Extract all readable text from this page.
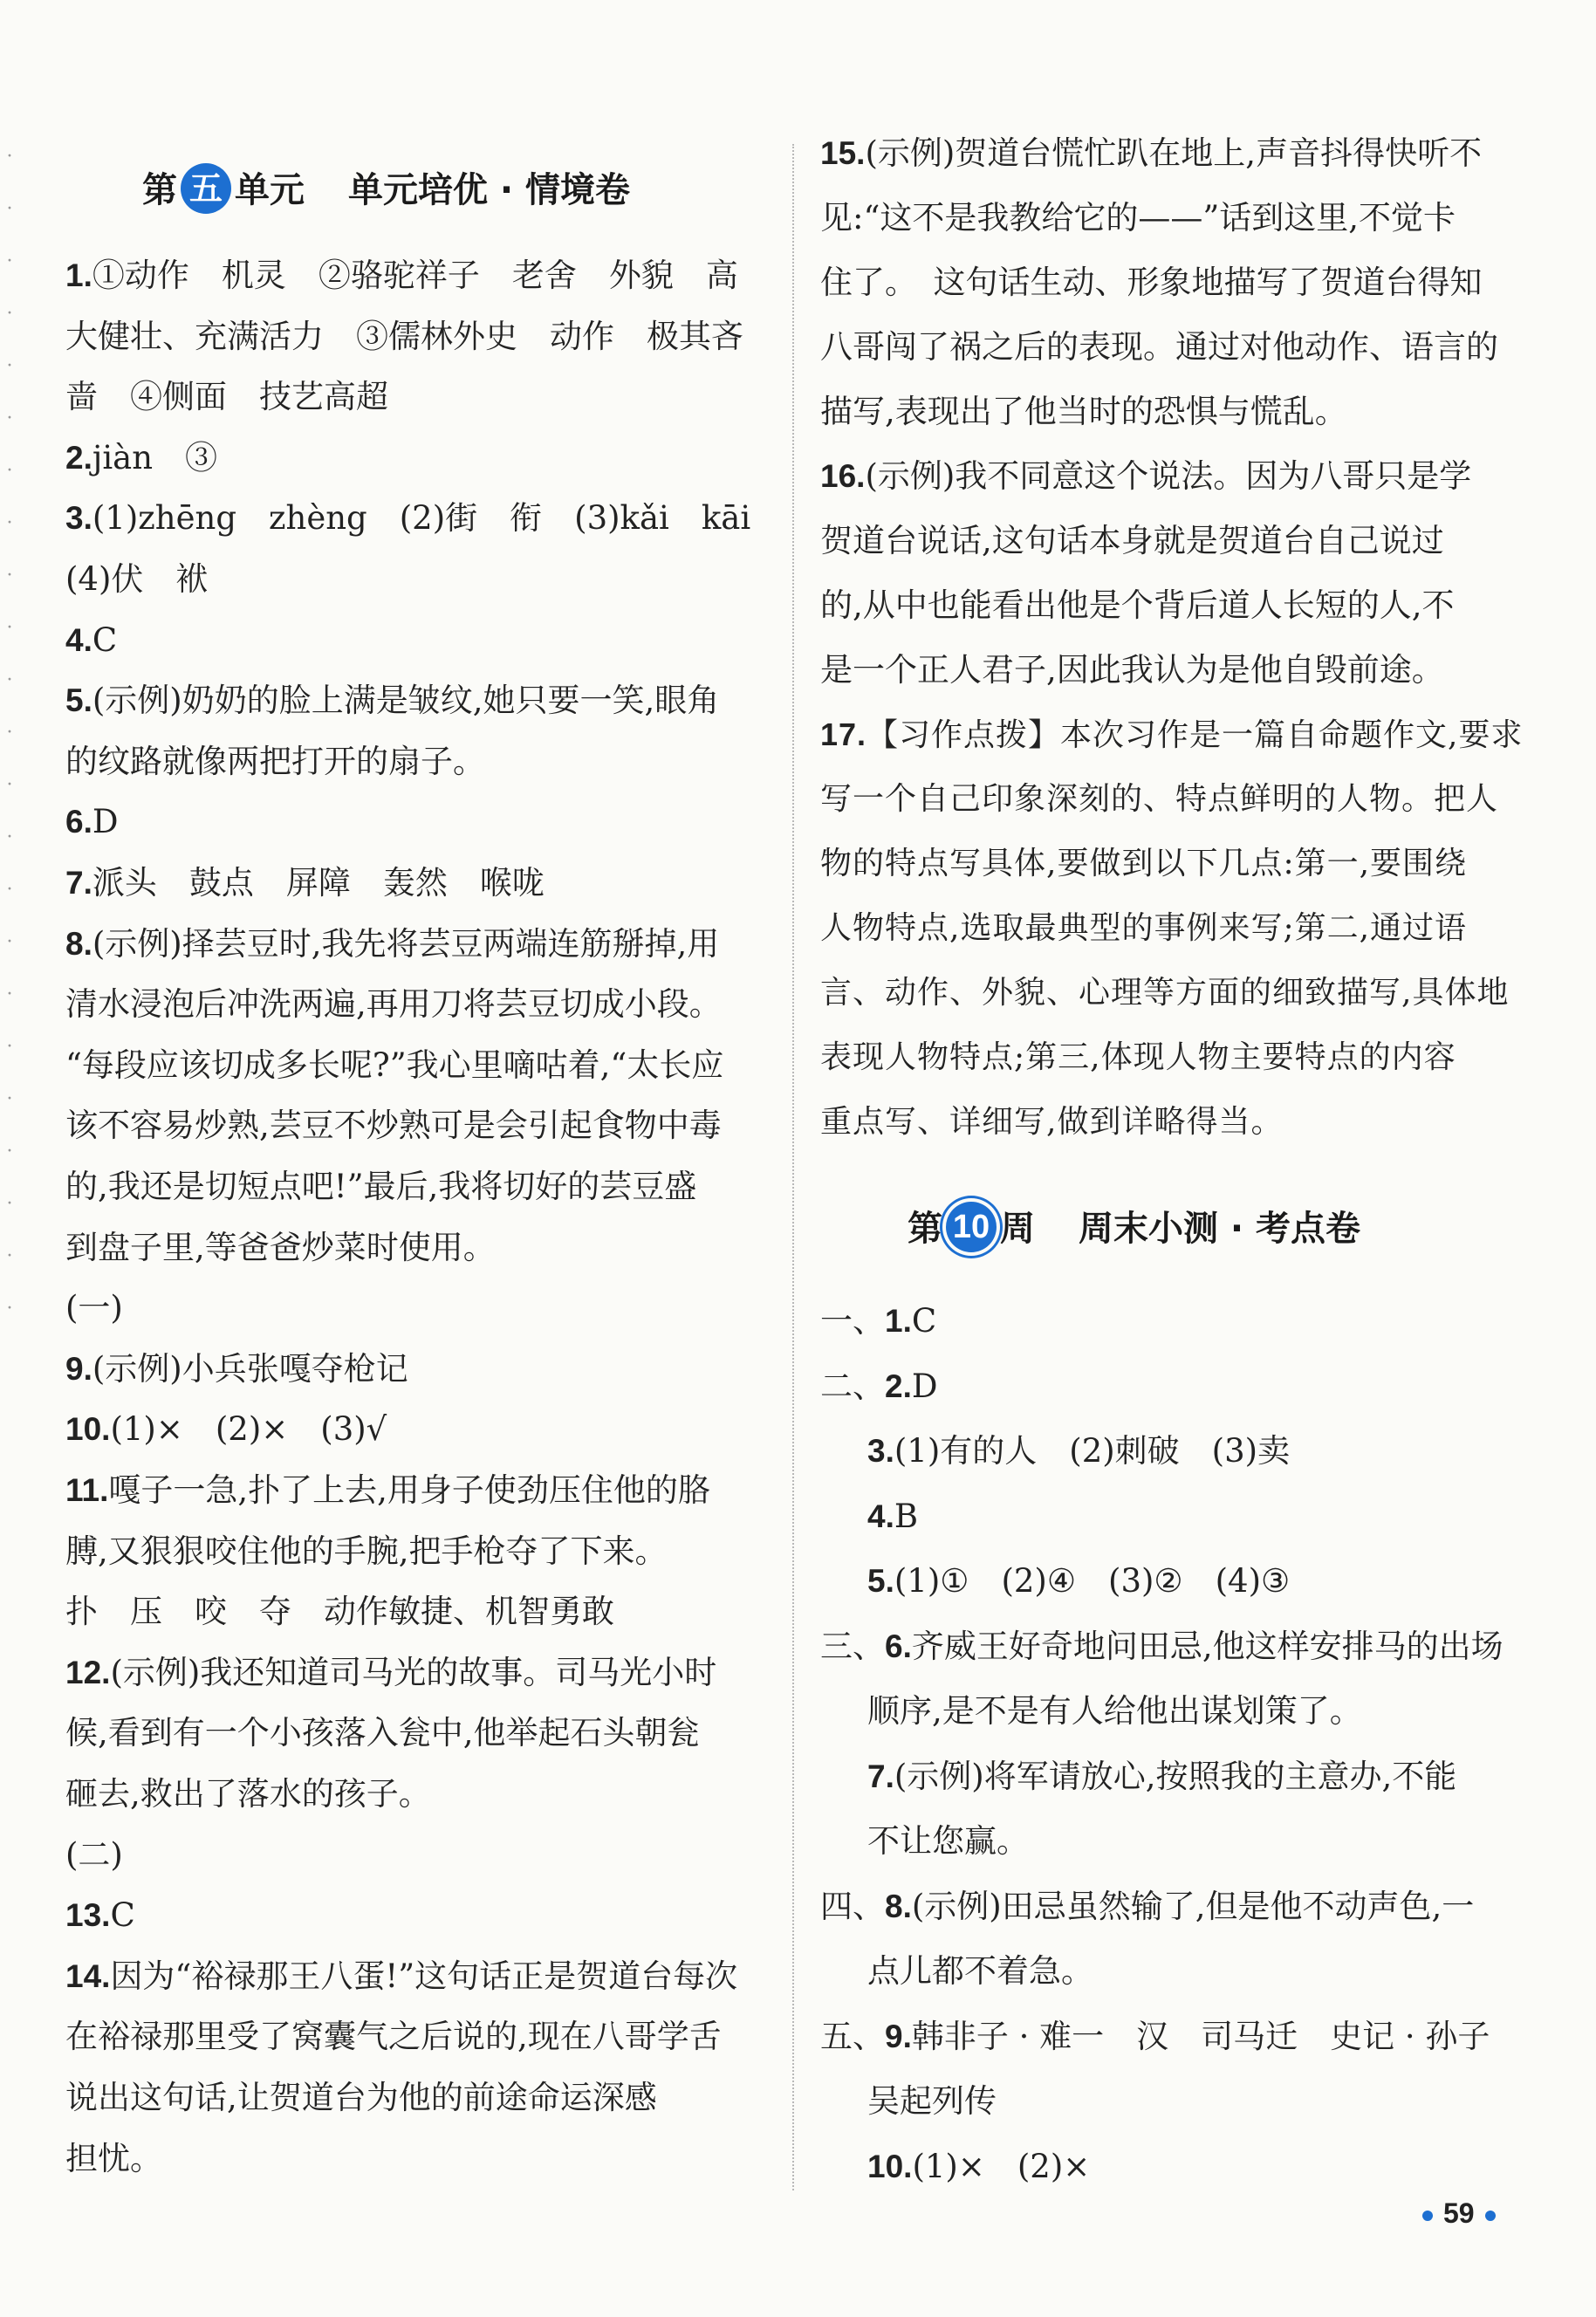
·
·
·
·
·
·
·
·
·
·
·
·
·
·
·
·
·
·
·
·
·
·
·
第 五 单元 单元培优 · 情境卷
1.①动作　机灵　②骆驼祥子　老舍　外貌　高
大健壮、充满活力　③儒林外史　动作　极其吝
啬　④侧面　技艺高超
2.jiàn　③
3.(1)zhēng　zhèng　(2)街　衔　(3)kǎi　kāi
(4)伏　袱
4.C
5.(示例)奶奶的脸上满是皱纹,她只要一笑,眼角
的纹路就像两把打开的扇子。
6.D
7.派头　鼓点　屏障　轰然　喉咙
8.(示例)择芸豆时,我先将芸豆两端连筋掰掉,用
清水浸泡后冲洗两遍,再用刀将芸豆切成小段。
“每段应该切成多长呢?”我心里嘀咕着,“太长应
该不容易炒熟,芸豆不炒熟可是会引起食物中毒
的,我还是切短点吧!”最后,我将切好的芸豆盛
到盘子里,等爸爸炒菜时使用。
(一)
9.(示例)小兵张嘎夺枪记
10.(1)×　(2)×　(3)√
11.嘎子一急,扑了上去,用身子使劲压住他的胳
膊,又狠狠咬住他的手腕,把手枪夺了下来。
扑　压　咬　夺　动作敏捷、机智勇敢
12.(示例)我还知道司马光的故事。司马光小时
候,看到有一个小孩落入瓮中,他举起石头朝瓮
砸去,救出了落水的孩子。
(二)
13.C
14.因为“裕禄那王八蛋!”这句话正是贺道台每次
在裕禄那里受了窝囊气之后说的,现在八哥学舌
说出这句话,让贺道台为他的前途命运深感
担忧。
15.(示例)贺道台慌忙趴在地上,声音抖得快听不
见:“这不是我教给它的——”话到这里,不觉卡
住了。　这句话生动、形象地描写了贺道台得知
八哥闯了祸之后的表现。通过对他动作、语言的
描写,表现出了他当时的恐惧与慌乱。
16.(示例)我不同意这个说法。因为八哥只是学
贺道台说话,这句话本身就是贺道台自己说过
的,从中也能看出他是个背后道人长短的人,不
是一个正人君子,因此我认为是他自毁前途。
17.【习作点拨】本次习作是一篇自命题作文,要求
写一个自己印象深刻的、特点鲜明的人物。把人
物的特点写具体,要做到以下几点:第一,要围绕
人物特点,选取最典型的事例来写;第二,通过语
言、动作、外貌、心理等方面的细致描写,具体地
表现人物特点;第三,体现人物主要特点的内容
重点写、详细写,做到详略得当。
第 10 周 周末小测 · 考点卷
一、1.C
二、2.D
3.(1)有的人　(2)刺破　(3)卖
4.B
5.(1)①　(2)④　(3)②　(4)③
三、6.齐威王好奇地问田忌,他这样安排马的出场
顺序,是不是有人给他出谋划策了。
7.(示例)将军请放心,按照我的主意办,不能
不让您赢。
四、8.(示例)田忌虽然输了,但是他不动声色,一
点儿都不着急。
五、9.韩非子 · 难一　汉　司马迁　史记 · 孙子
吴起列传
10.(1)×　(2)×
59
